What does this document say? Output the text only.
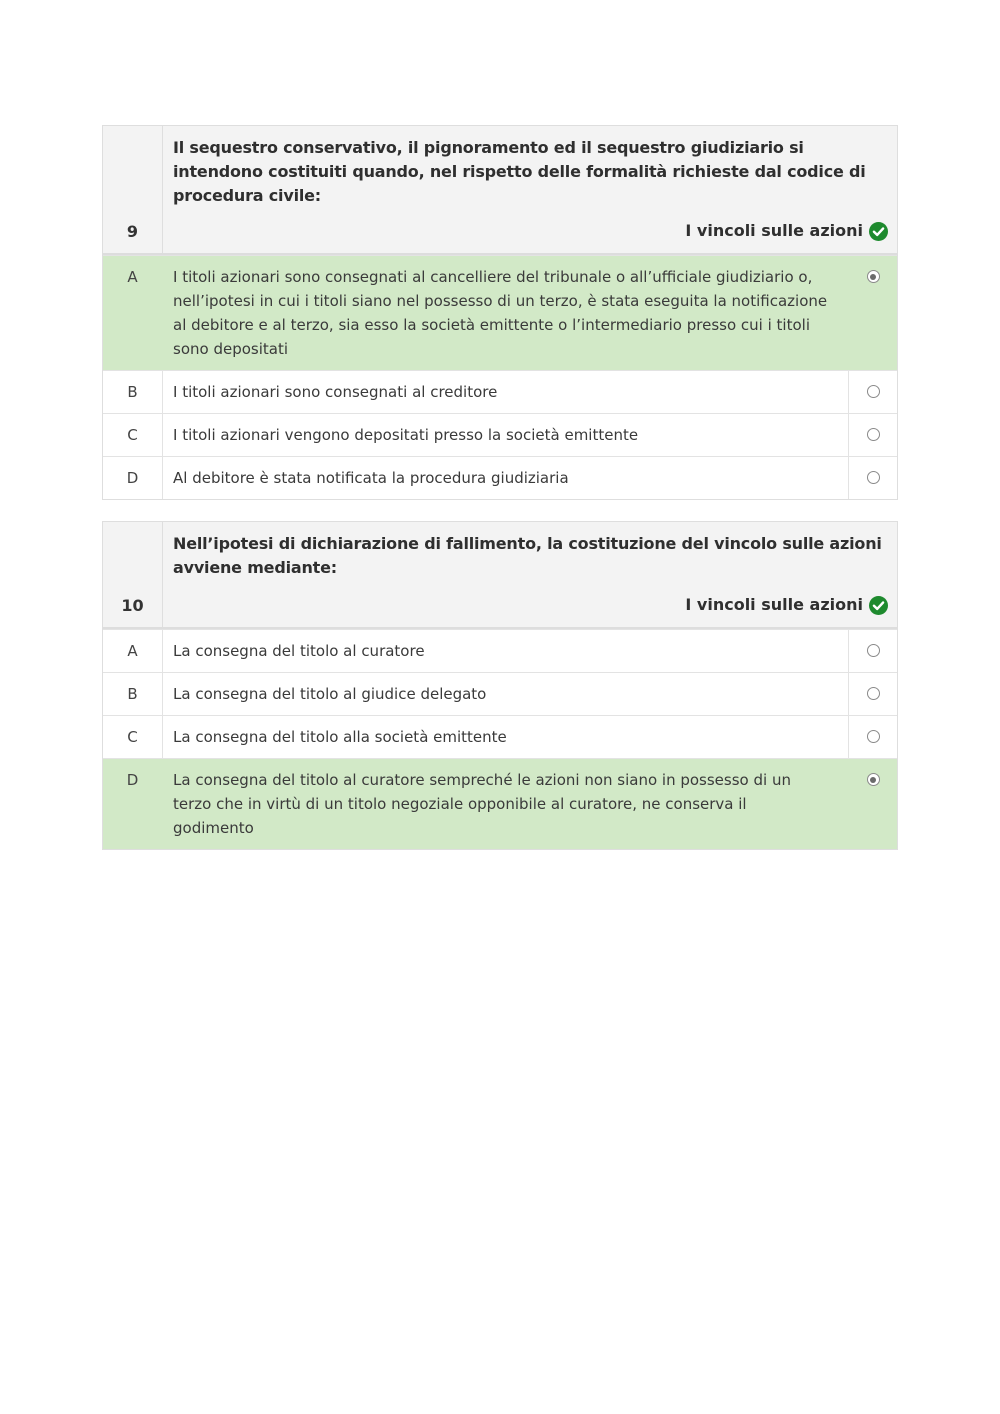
9
Il sequestro conservativo, il pignoramento ed il sequestro giudiziario si intendono costituiti quando, nel rispetto delle formalità richieste dal codice di procedura civile:
I vincoli sulle azioni
A	I titoli azionari sono consegnati al cancelliere del tribunale o all’ufficiale giudiziario o, nell’ipotesi in cui i titoli siano nel possesso di un terzo, è stata eseguita la notificazione al debitore e al terzo, sia esso la società emittente o l’intermediario presso cui i titoli sono depositati
B	I titoli azionari sono consegnati al creditore
C	I titoli azionari vengono depositati presso la società emittente
D	Al debitore è stata notificata la procedura giudiziaria
10
Nell’ipotesi di dichiarazione di fallimento, la costituzione del vincolo sulle azioni avviene mediante:
I vincoli sulle azioni
A	La consegna del titolo al curatore
B	La consegna del titolo al giudice delegato
C	La consegna del titolo alla società emittente
D	La consegna del titolo al curatore sempreché le azioni non siano in possesso di un terzo che in virtù di un titolo negoziale opponibile al curatore, ne conserva il godimento
